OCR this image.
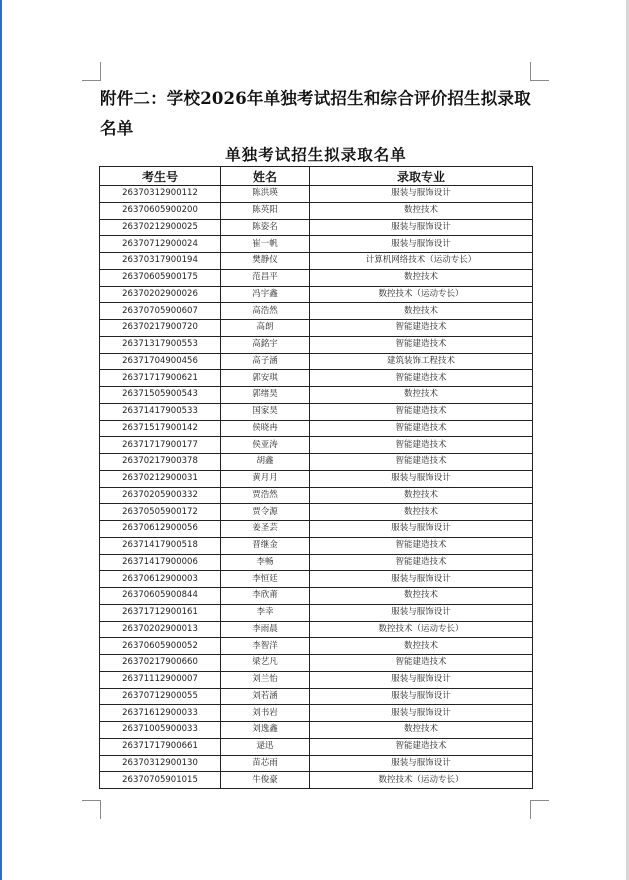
附件二：学校2026年单独考试招生和综合评价招生拟录取名单
单独考试招生拟录取名单
考生号	姓名	录取专业
26370312900112	陈洪瑛	服装与服饰设计
26370605900200	陈英阳	数控技术
26370212900025	陈姿名	服装与服饰设计
26370712900024	崔一帆	服装与服饰设计
26370317900194	樊静仪	计算机网络技术（运动专长）
26370605900175	范昌平	数控技术
26370202900026	冯宇鑫	数控技术（运动专长）
26370705900607	高浩然	数控技术
26370217900720	高朗	智能建造技术
26371317900553	高銘宇	智能建造技术
26371704900456	高子涵	建筑装饰工程技术
26371717900621	郭安琪	智能建造技术
26371505900543	郭绪昊	数控技术
26371417900533	国家昊	智能建造技术
26371517900142	侯晓冉	智能建造技术
26371717900177	侯亚涛	智能建造技术
26370217900378	胡鑫	智能建造技术
26370212900031	黄月月	服装与服饰设计
26370205900332	贾浩然	数控技术
26370505900172	贾令源	数控技术
26370612900056	姜圣芸	服装与服饰设计
26371417900518	晋继金	智能建造技术
26371417900006	李畅	智能建造技术
26370612900003	李恒廷	服装与服饰设计
26370605900844	李欣莆	数控技术
26371712900161	李幸	服装与服饰设计
26370202900013	李雨晨	数控技术（运动专长）
26370605900052	李智洋	数控技术
26370217900660	梁艺凡	智能建造技术
26371112900007	刘兰怡	服装与服饰设计
26370712900055	刘若涵	服装与服饰设计
26371612900033	刘书岩	服装与服饰设计
26371005900033	刘逸鑫	数控技术
26371717900661	逯迅	智能建造技术
26370312900130	苗芯雨	服装与服饰设计
26370705901015	牛俊豪	数控技术（运动专长）
